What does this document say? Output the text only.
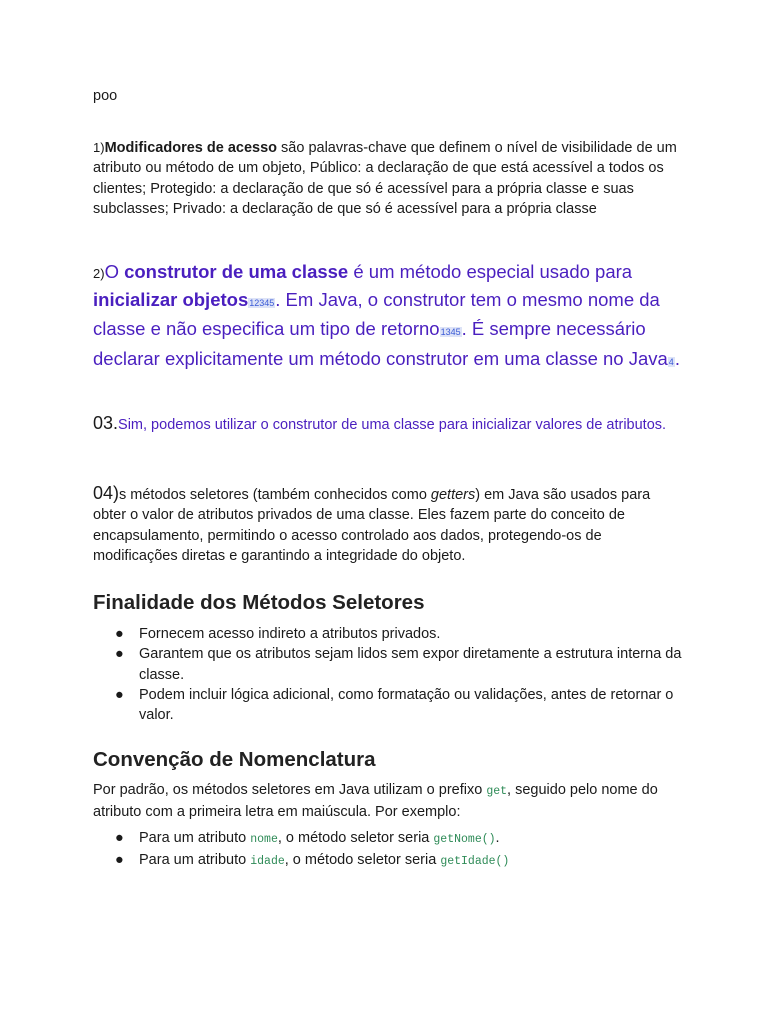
poo

1)Modificadores de acesso são palavras-chave que definem o nível de visibilidade de um atributo ou método de um objeto, Público: a declaração de que está acessível a todos os clientes; Protegido: a declaração de que só é acessível para a própria classe e suas subclasses; Privado: a declaração de que só é acessível para a própria classe

2)O construtor de uma classe é um método especial usado para inicializar objetos12345. Em Java, o construtor tem o mesmo nome da classe e não especifica um tipo de retorno1345. É sempre necessário declarar explicitamente um método construtor em uma classe no Java4.

03.Sim, podemos utilizar o construtor de uma classe para inicializar valores de atributos.

04)s métodos seletores (também conhecidos como getters) em Java são usados para obter o valor de atributos privados de uma classe. Eles fazem parte do conceito de encapsulamento, permitindo o acesso controlado aos dados, protegendo-os de modificações diretas e garantindo a integridade do objeto.

Finalidade dos Métodos Seletores
● Fornecem acesso indireto a atributos privados.
● Garantem que os atributos sejam lidos sem expor diretamente a estrutura interna da classe.
● Podem incluir lógica adicional, como formatação ou validações, antes de retornar o valor.
Convenção de Nomenclatura

Por padrão, os métodos seletores em Java utilizam o prefixo get, seguido pelo nome do atributo com a primeira letra em maiúscula. Por exemplo:

● Para um atributo nome, o método seletor seria getNome().
● Para um atributo idade, o método seletor seria getIdade()
